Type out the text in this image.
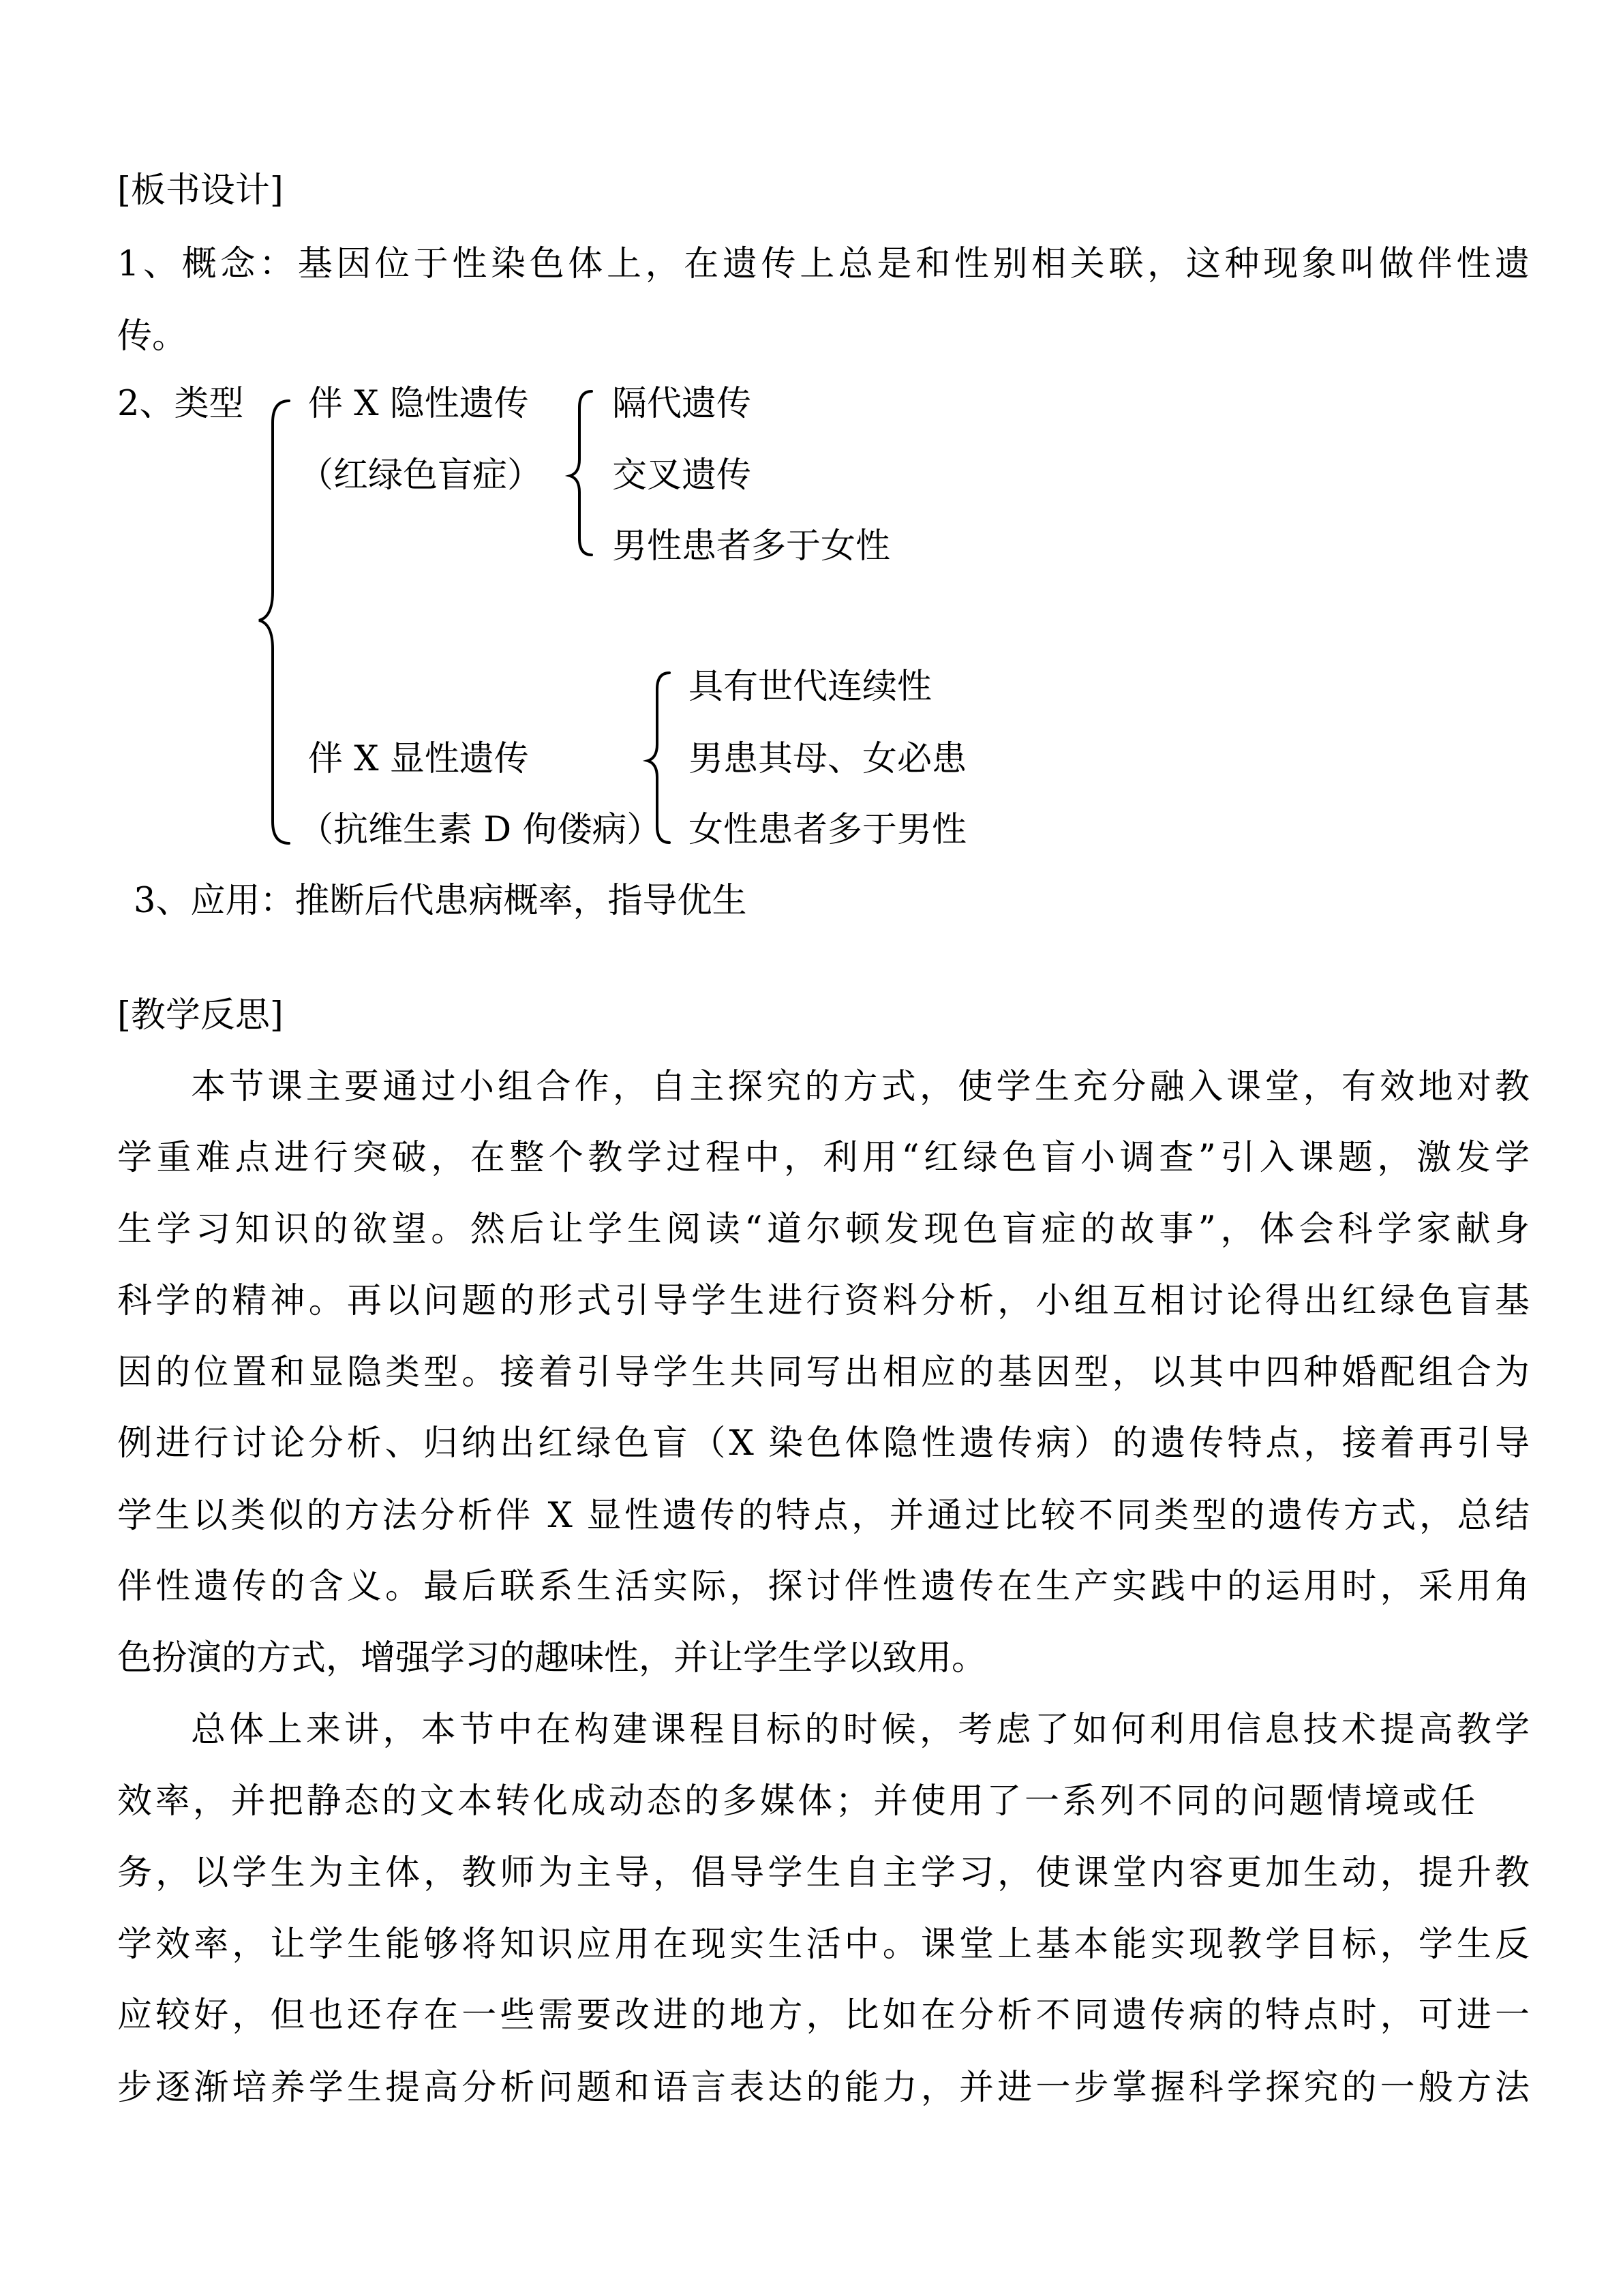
[板书设计]
1、概念：基因位于性染色体上，在遗传上总是和性别相关联，这种现象叫做伴性遗
传。
2、类型 伴 X 隐性遗传
（红绿色盲症）
隔代遗传
交叉遗传
男性患者多于女性
具有世代连续性
伴 X 显性遗传	男患其母、女必患
（抗维生素 D 佝偻病） 女性患者多于男性
3、应用：推断后代患病概率，指导优生
[教学反思]
本节课主要通过小组合作，自主探究的方式，使学生充分融入课堂，有效地对教
学重难点进行突破，在整个教学过程中，利用“红绿色盲小调查”引入课题，激发学
生学习知识的欲望。然后让学生阅读“道尔顿发现色盲症的故事”，体会科学家献身
科学的精神。再以问题的形式引导学生进行资料分析，小组互相讨论得出红绿色盲基
因的位置和显隐类型。接着引导学生共同写出相应的基因型，以其中四种婚配组合为
例进行讨论分析、归纳出红绿色盲（X 染色体隐性遗传病）的遗传特点，接着再引导
学生以类似的方法分析伴 X 显性遗传的特点，并通过比较不同类型的遗传方式，总结
伴性遗传的含义。最后联系生活实际，探讨伴性遗传在生产实践中的运用时，采用角
色扮演的方式，增强学习的趣味性，并让学生学以致用。
总体上来讲，本节中在构建课程目标的时候，考虑了如何利用信息技术提高教学
效率，并把静态的文本转化成动态的多媒体；并使用了一系列不同的问题情境或任
务，以学生为主体，教师为主导，倡导学生自主学习，使课堂内容更加生动，提升教
学效率，让学生能够将知识应用在现实生活中。课堂上基本能实现教学目标，学生反
应较好，但也还存在一些需要改进的地方，比如在分析不同遗传病的特点时，可进一
步逐渐培养学生提高分析问题和语言表达的能力，并进一步掌握科学探究的一般方法
